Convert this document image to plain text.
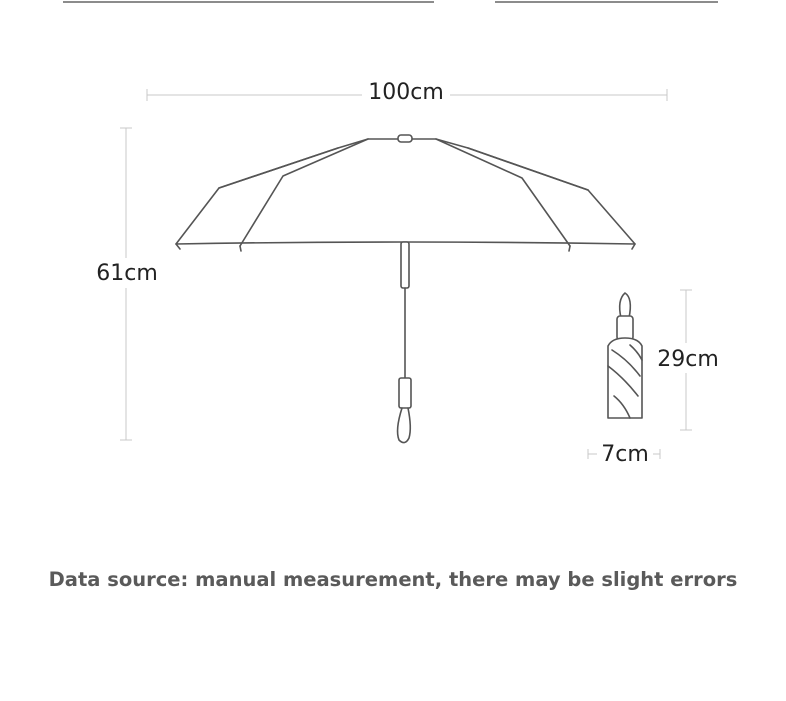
100cm
61cm
29cm
7cm
Data source: manual measurement, there may be slight errors
